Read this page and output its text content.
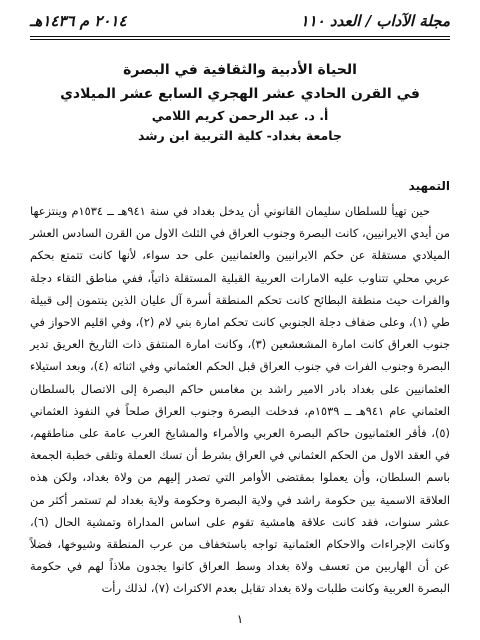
مجلة الآداب / العدد ١١٠
٢٠١٤ م ١٤٣٦هـ

الحياة الأدبية والثقافية في البصرة

في القرن الحادي عشر الهجري السابع عشر الميلادي

أ. د. عبد الرحمن كريم اللامي

جامعة بغداد- كلية التربية ابن رشد

التمهيد

حين تهيأ للسلطان سليمان القانوني أن يدخل بغداد في سنة ٩٤١هـ ــ ١٥٣٤م وينتزعها من أيدي الايرانيين، كانت البصرة وجنوب العراق في الثلث الاول من القرن السادس العشر الميلادي مستقلة عن حكم الايرانيين والعثمانيين على حد سواء، لأنها كانت تتمتع بحكم عربي محلي تتناوب عليه الامارات العربية القبلية المستقلة ذاتياً، ففي مناطق التقاء دجلة والفرات حيث منطقة البطائح كانت تحكم المنطقة أسرة آل عليان الذين ينتمون إلى قبيلة طي (١)، وعلى ضفاف دجلة الجنوبي كانت تحكم امارة بني لام (٢)، وفي اقليم الاحواز في جنوب العراق كانت امارة المشعشعين (٣)، وكانت امارة المنتفق ذات التاريخ العريق تدير البصرة وجنوب الفرات في جنوب العراق قبل الحكم العثماني وفي اثنائه (٤)، وبعد استيلاء العثمانيين على بغداد بادر الامير راشد بن مغامس حاكم البصرة إلى الاتصال بالسلطان العثماني عام ٩٤١هـ ــ ١٥٣٩م، فدخلت البصرة وجنوب العراق صلحاً في النفوذ العثماني (٥)، فأقر العثمانيون حاكم البصرة العربي والأمراء والمشايخ العرب عامة على مناطقهم، في العقد الاول من الحكم العثماني في العراق بشرط أن تسك العملة وتلقى خطبة الجمعة باسم السلطان، وأن يعملوا بمقتضى الأوامر التي تصدر إليهم من ولاة بغداد، ولكن هذه العلاقة الاسمية بين حكومة راشد في ولاية البصرة وحكومة ولاية بغداد لم تستمر أكثر من عشر سنوات، فقد كانت علاقة هامشية تقوم على اساس المداراة وتمشية الحال (٦)، وكانت الإجراءات والاحكام العثمانية تواجه باستخفاف من عرب المنطقة وشيوخها، فضلاً عن أن الهاربين من تعسف ولاة بغداد وسط العراق كانوا يجدون ملاذاً لهم في حكومة البصرة العربية وكانت طلبات ولاة بغداد تقابل بعدم الاكتراث (٧)، لذلك رأت

١
